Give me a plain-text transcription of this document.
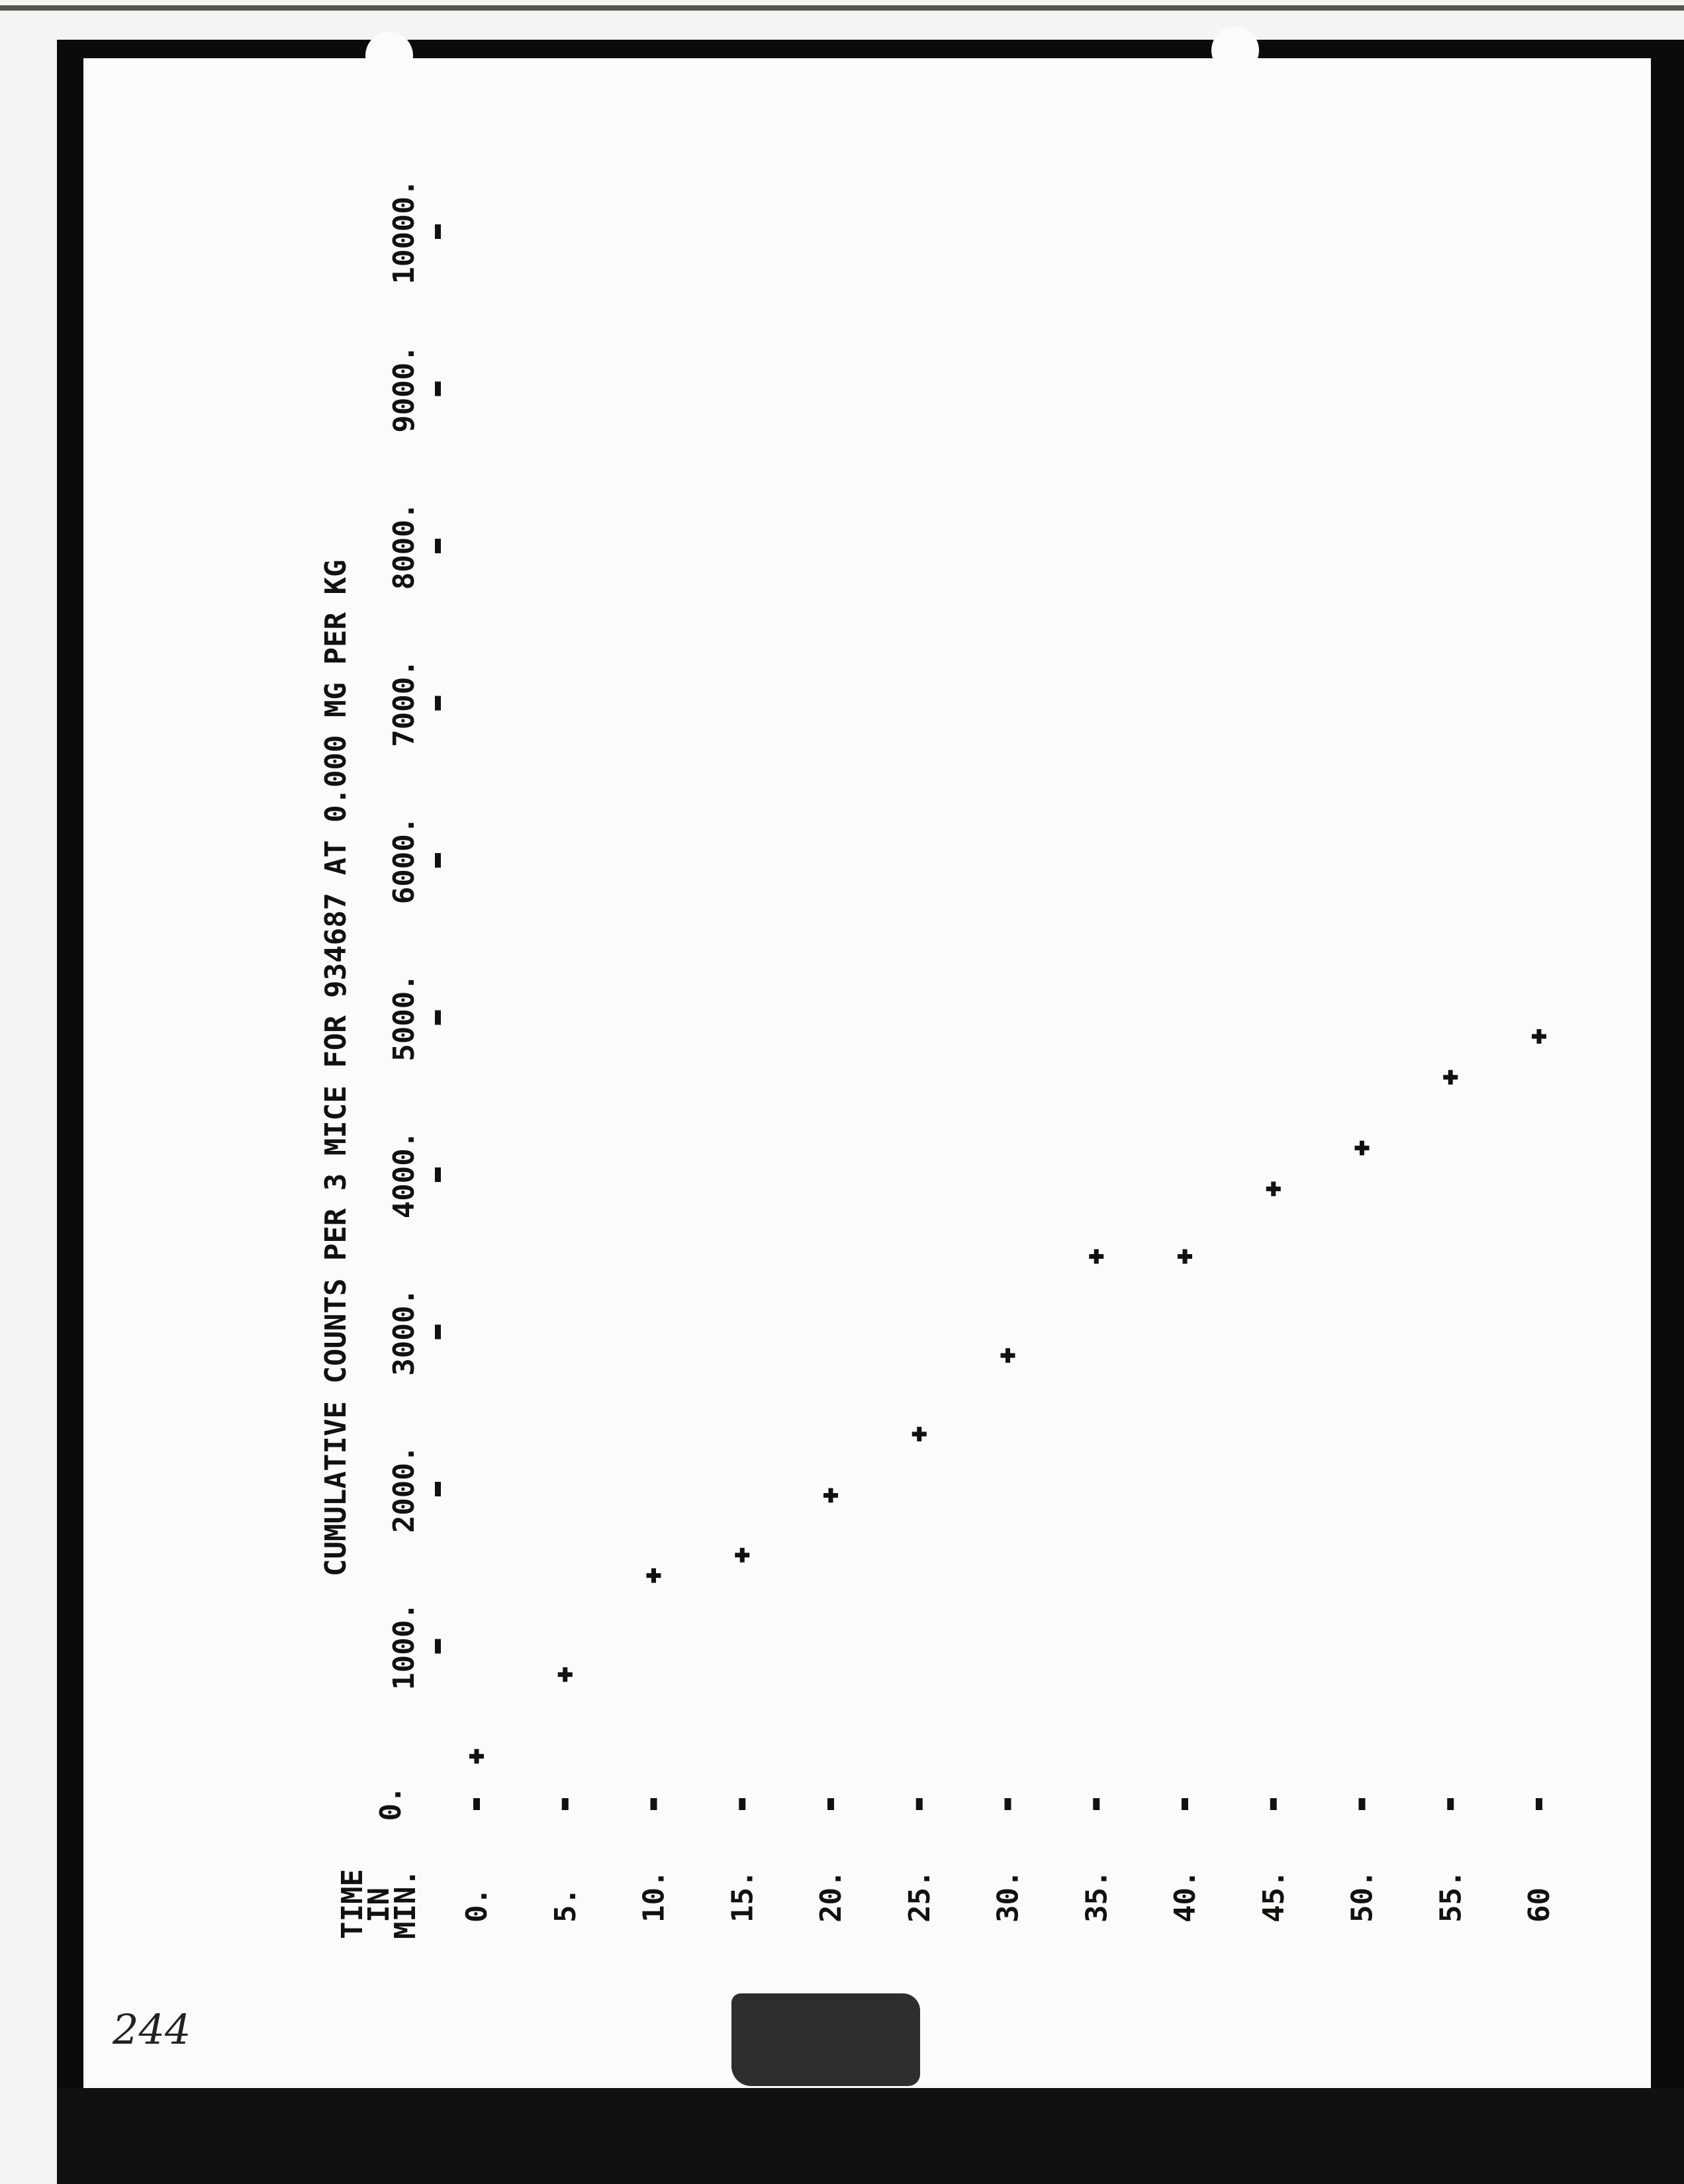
244
CUMULATIVE COUNTS PER 3 MICE FOR 934687 AT 0.000 MG PER KG
TIME
IN
MIN. 0. 5. 10. 15. 20. 25. 30. 35. 40. 45. 50. 55. 60
0.
1000.
2000.
3000.
4000.
5000.
6000.
7000.
8000.
9000.
10000.
